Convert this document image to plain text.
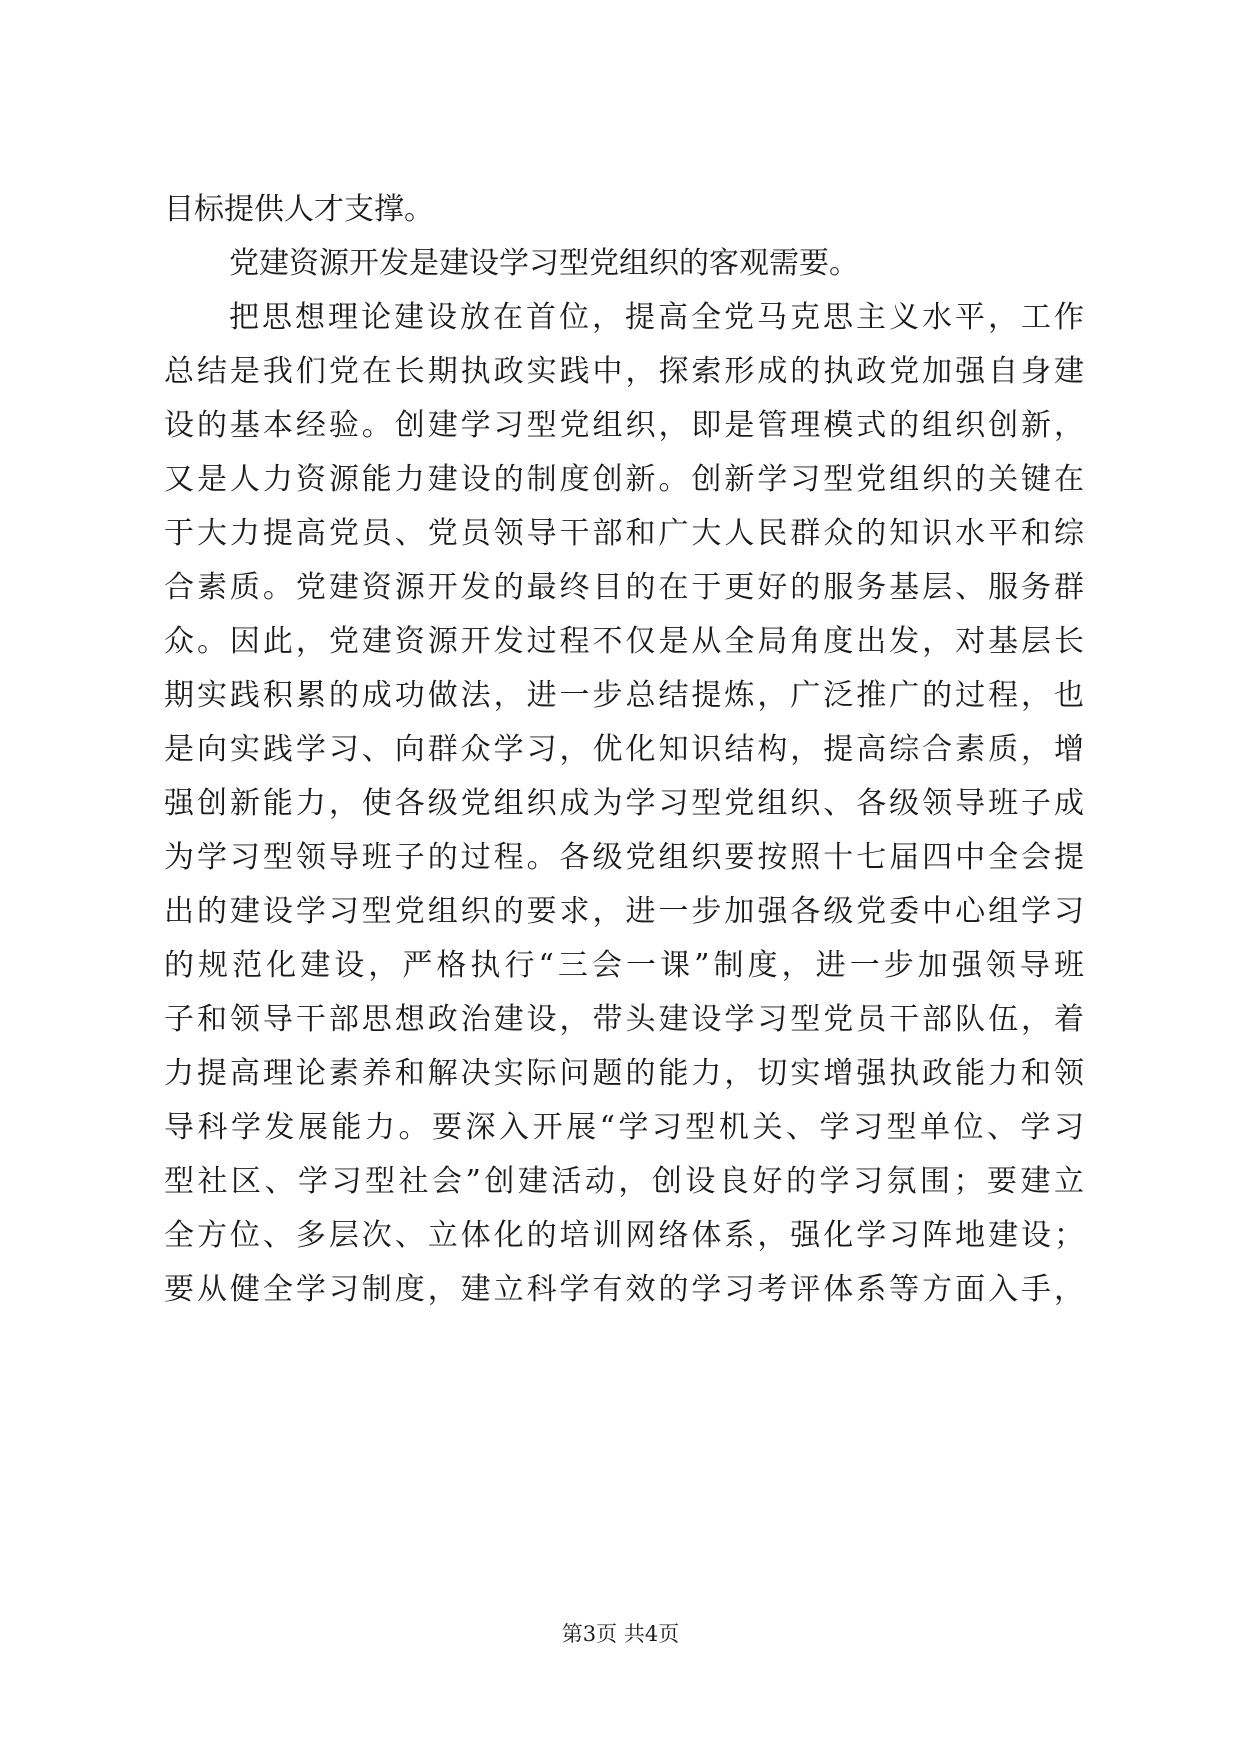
目标提供人才支撑。
党建资源开发是建设学习型党组织的客观需要。
把思想理论建设放在首位，提高全党马克思主义水平，工作
总结是我们党在长期执政实践中，探索形成的执政党加强自身建
设的基本经验。创建学习型党组织，即是管理模式的组织创新，
又是人力资源能力建设的制度创新。创新学习型党组织的关键在
于大力提高党员、党员领导干部和广大人民群众的知识水平和综
合素质。党建资源开发的最终目的在于更好的服务基层、服务群
众。因此，党建资源开发过程不仅是从全局角度出发，对基层长
期实践积累的成功做法，进一步总结提炼，广泛推广的过程，也
是向实践学习、向群众学习，优化知识结构，提高综合素质，增
强创新能力，使各级党组织成为学习型党组织、各级领导班子成
为学习型领导班子的过程。各级党组织要按照十七届四中全会提
出的建设学习型党组织的要求，进一步加强各级党委中心组学习
的规范化建设，严格执行“三会一课”制度，进一步加强领导班
子和领导干部思想政治建设，带头建设学习型党员干部队伍，着
力提高理论素养和解决实际问题的能力，切实增强执政能力和领
导科学发展能力。要深入开展“学习型机关、学习型单位、学习
型社区、学习型社会”创建活动，创设良好的学习氛围；要建立
全方位、多层次、立体化的培训网络体系，强化学习阵地建设；
要从健全学习制度，建立科学有效的学习考评体系等方面入手，
第3页 共4页
